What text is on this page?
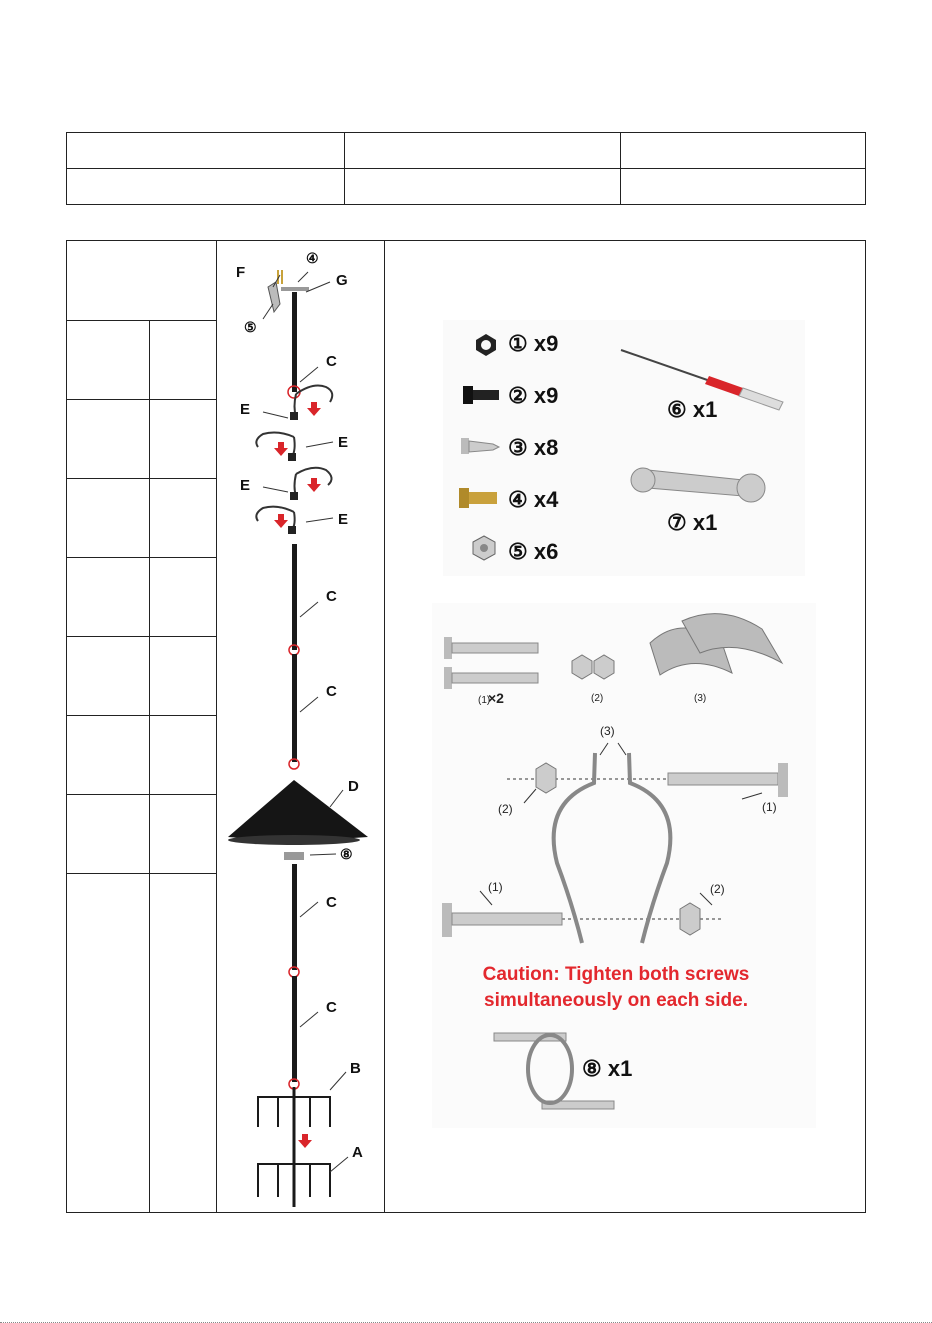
F	G
④
⑤
C
E
E
E
E
C
C
D
⑧
C
C
B
A
① x9
② x9
③ x8
④ x4
⑤ x6
⑥ x1
⑦ x1
(1)
×2	(2)	(3)
(3)
(2)	(1)
(1)	(2)
Caution: Tighten both screws
simultaneously on each side.
⑧ x1
